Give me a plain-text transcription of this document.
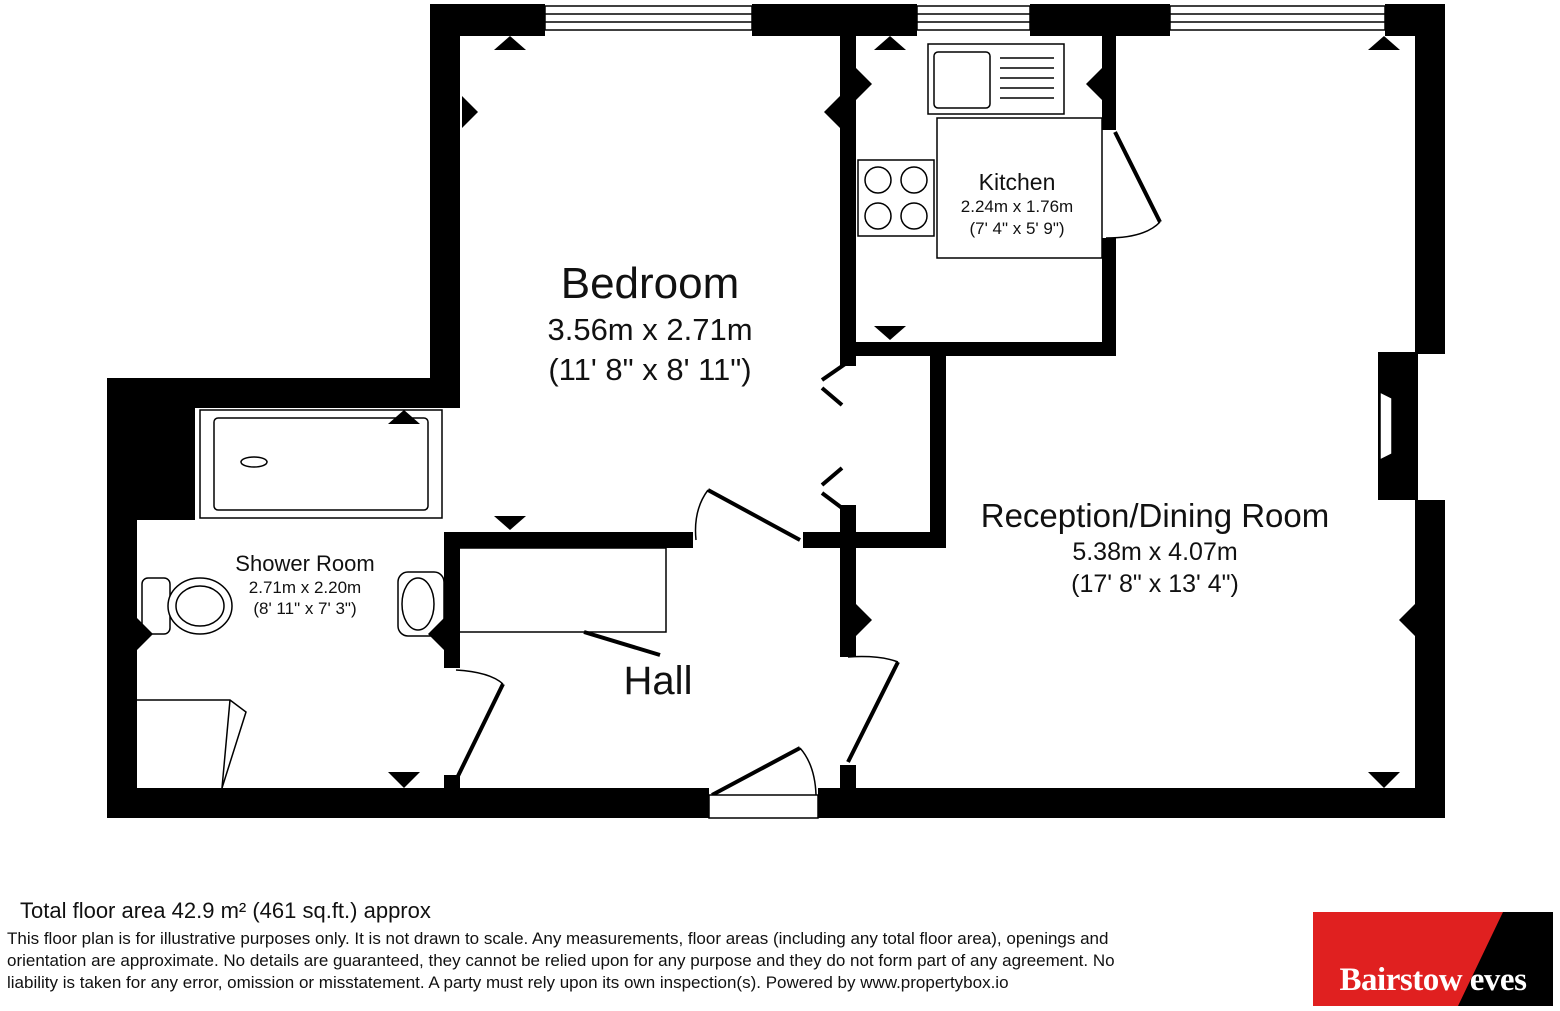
Bedroom
3.56m x 2.71m
(11' 8" x 8' 11")
Kitchen
2.24m x 1.76m
(7' 4" x 5' 9")
Shower Room
2.71m x 2.20m
(8' 11" x 7' 3")
Reception/Dining Room
5.38m x 4.07m
(17' 8" x 13' 4")
Hall
Total floor area 42.9 m² (461 sq.ft.) approx
This floor plan is for illustrative purposes only. It is not drawn to scale. Any measurements, floor areas (including any total floor area), openings and
orientation are approximate. No details are guaranteed, they cannot be relied upon for any purpose and they do not form part of any agreement. No
liability is taken for any error, omission or misstatement. A party must rely upon its own inspection(s). Powered by www.propertybox.io	Bairstow eves
